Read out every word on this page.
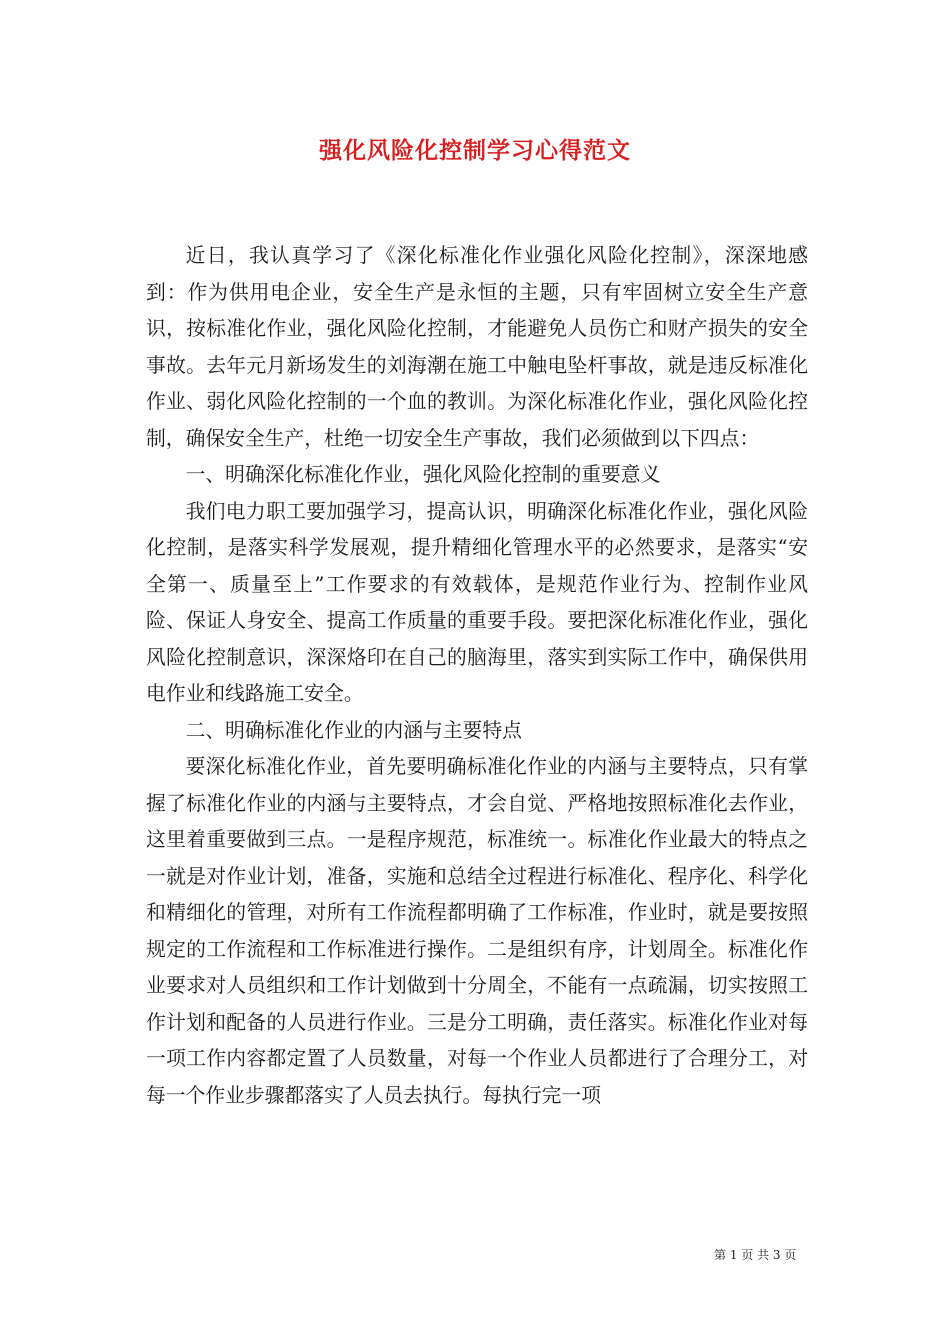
强化风险化控制学习心得范文

近日，我认真学习了《深化标准化作业强化风险化控制》，深深地感到：作为供用电企业，安全生产是永恒的主题，只有牢固树立安全生产意识，按标准化作业，强化风险化控制，才能避免人员伤亡和财产损失的安全事故。去年元月新场发生的刘海潮在施工中触电坠杆事故，就是违反标准化作业、弱化风险化控制的一个血的教训。为深化标准化作业，强化风险化控制，确保安全生产，杜绝一切安全生产事故，我们必须做到以下四点：

一、明确深化标准化作业，强化风险化控制的重要意义

我们电力职工要加强学习，提高认识，明确深化标准化作业，强化风险化控制，是落实科学发展观，提升精细化管理水平的必然要求，是落实“安全第一、质量至上”工作要求的有效载体，是规范作业行为、控制作业风险、保证人身安全、提高工作质量的重要手段。要把深化标准化作业，强化风险化控制意识，深深烙印在自己的脑海里，落实到实际工作中，确保供用电作业和线路施工安全。

二、明确标准化作业的内涵与主要特点

要深化标准化作业，首先要明确标准化作业的内涵与主要特点，只有掌握了标准化作业的内涵与主要特点，才会自觉、严格地按照标准化去作业，这里着重要做到三点。一是程序规范，标准统一。标准化作业最大的特点之一就是对作业计划，准备，实施和总结全过程进行标准化、程序化、科学化和精细化的管理，对所有工作流程都明确了工作标准，作业时，就是要按照规定的工作流程和工作标准进行操作。二是组织有序，计划周全。标准化作业要求对人员组织和工作计划做到十分周全，不能有一点疏漏，切实按照工作计划和配备的人员进行作业。三是分工明确，责任落实。标准化作业对每一项工作内容都定置了人员数量，对每一个作业人员都进行了合理分工，对每一个作业步骤都落实了人员去执行。每执行完一项

第 1 页 共 3 页
